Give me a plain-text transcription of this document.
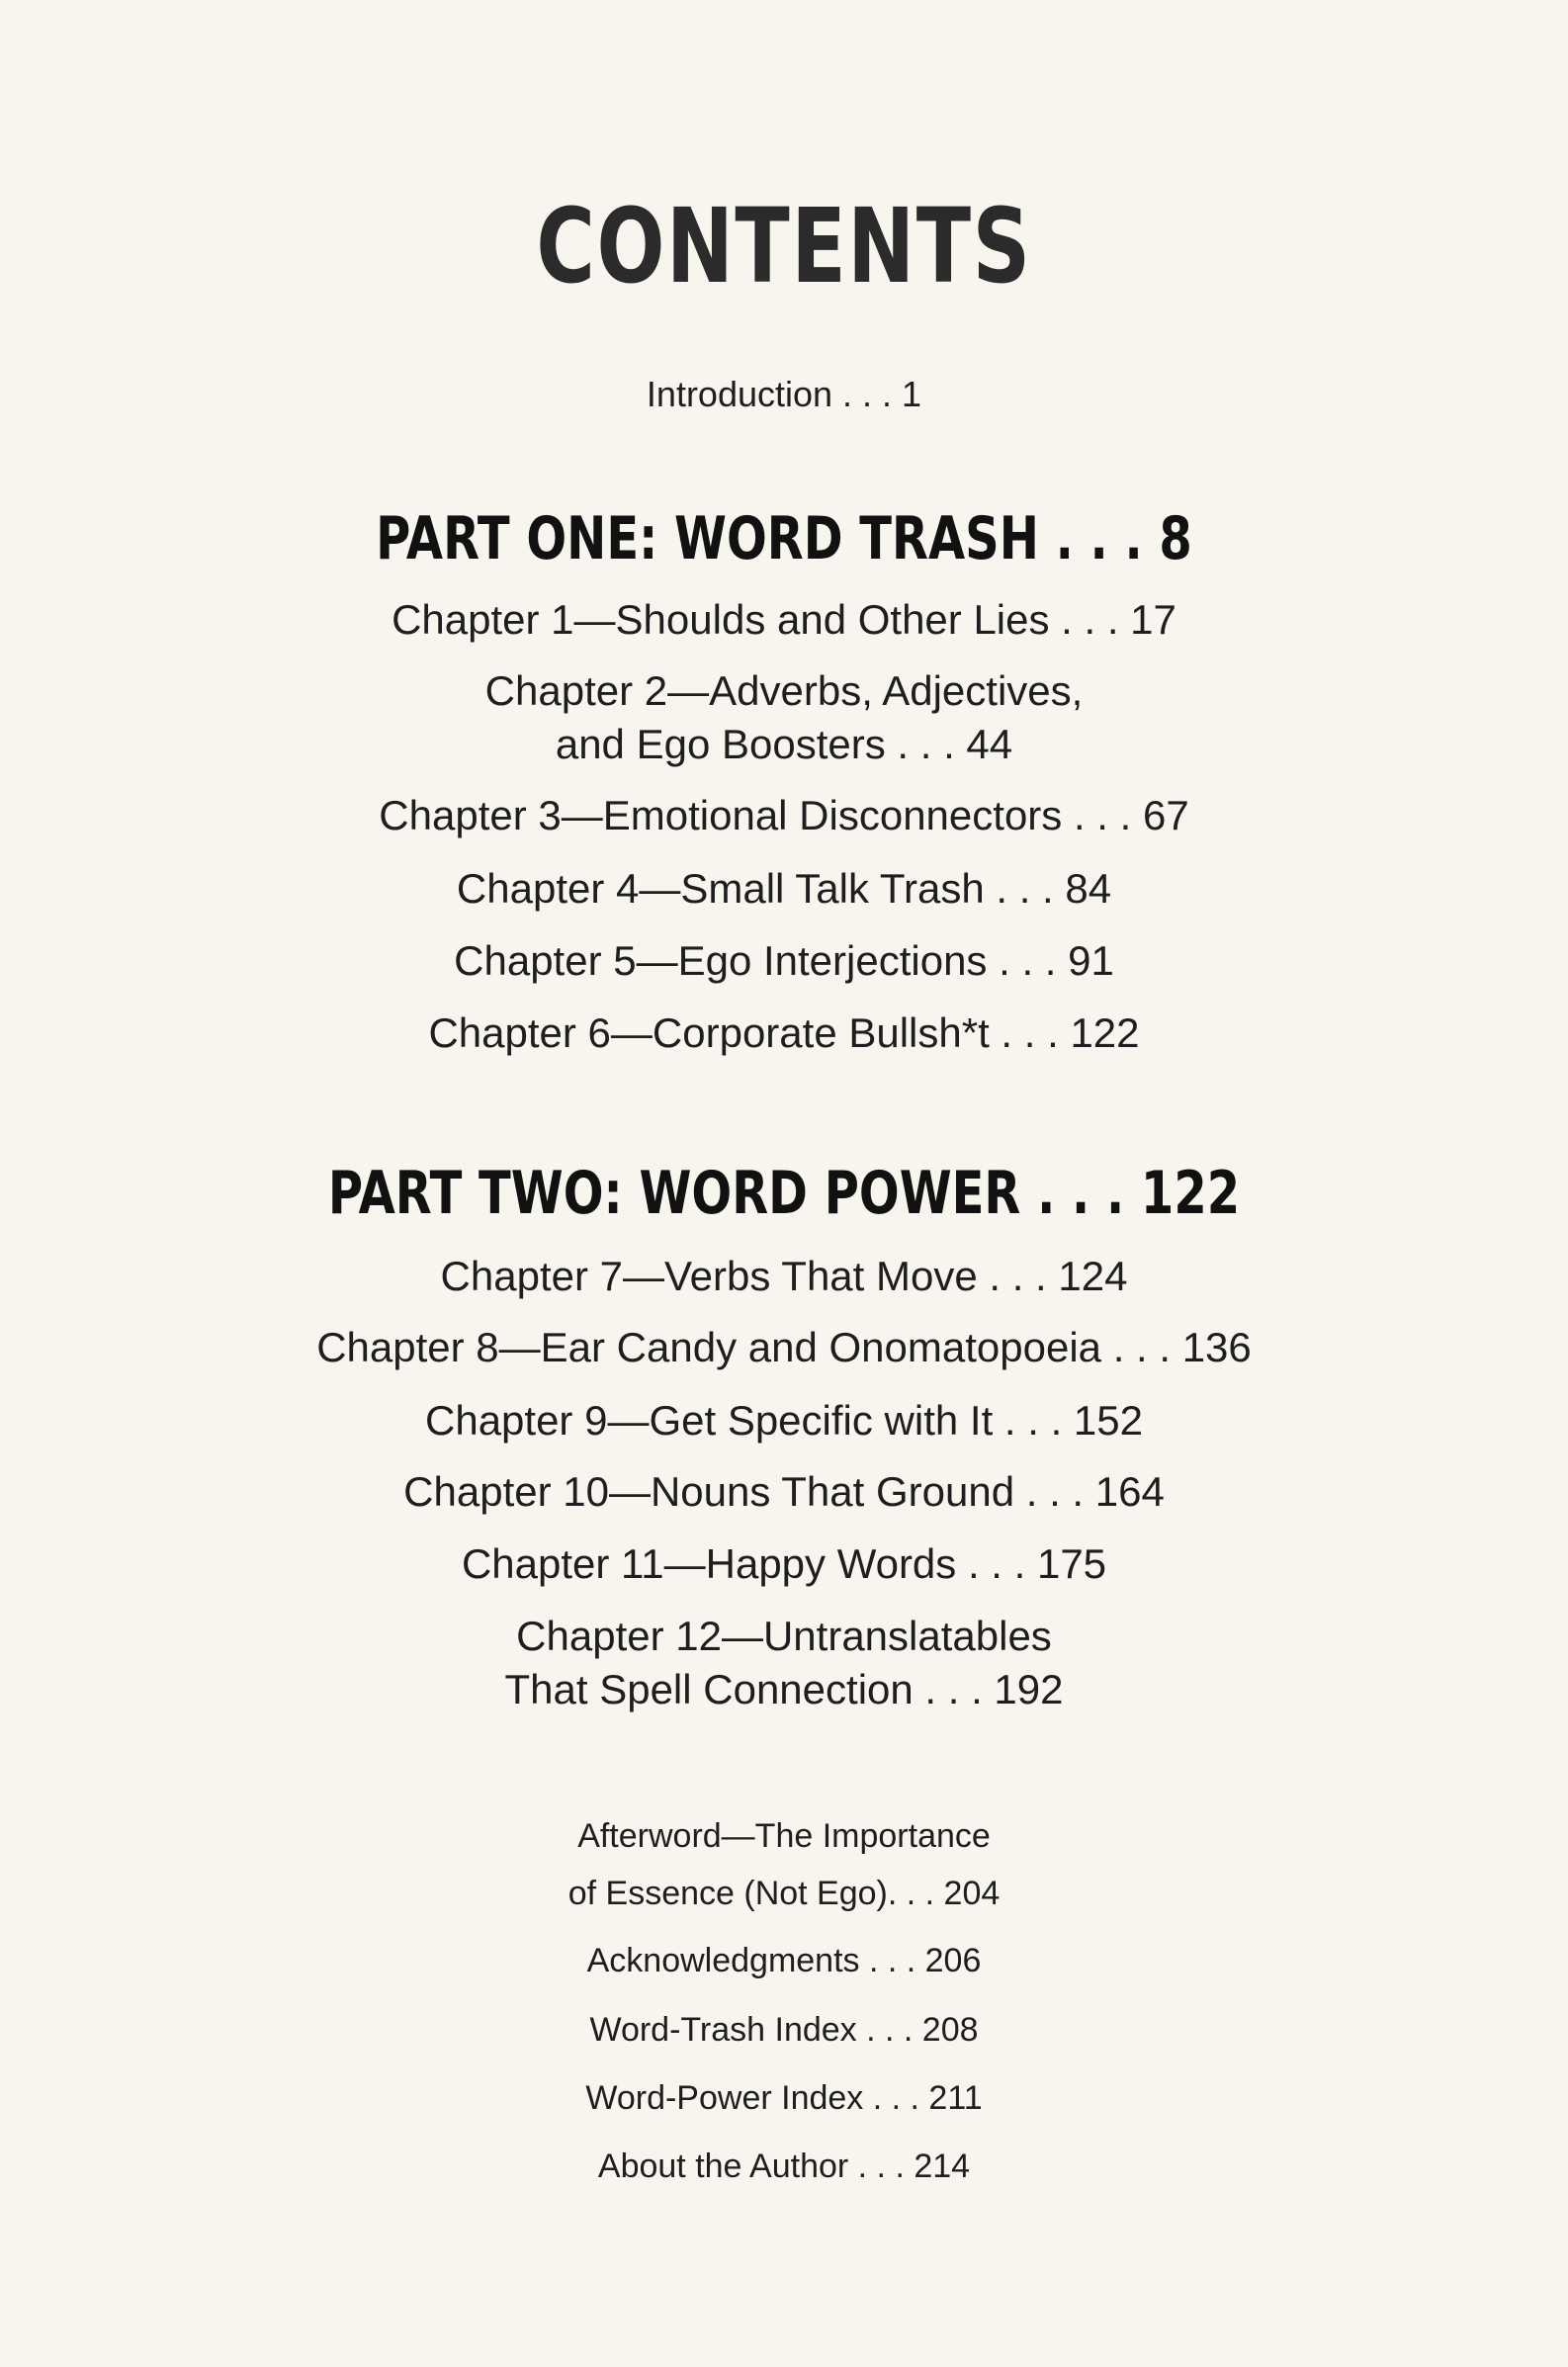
CONTENTS
Introduction . . . 1
PART ONE: WORD TRASH . . . 8
Chapter 1—Shoulds and Other Lies . . . 17
Chapter 2—Adverbs, Adjectives,
and Ego Boosters . . . 44
Chapter 3—Emotional Disconnectors . . . 67
Chapter 4—Small Talk Trash . . . 84
Chapter 5—Ego Interjections . . . 91
Chapter 6—Corporate Bullsh*t . . . 122
PART TWO: WORD POWER . . . 122
Chapter 7—Verbs That Move . . . 124
Chapter 8—Ear Candy and Onomatopoeia . . . 136
Chapter 9—Get Specific with It . . . 152
Chapter 10—Nouns That Ground . . . 164
Chapter 11—Happy Words . . . 175
Chapter 12—Untranslatables
That Spell Connection . . . 192
Afterword—The Importance
of Essence (Not Ego). . . 204
Acknowledgments . . . 206
Word-Trash Index . . . 208
Word-Power Index . . . 211
About the Author . . . 214
